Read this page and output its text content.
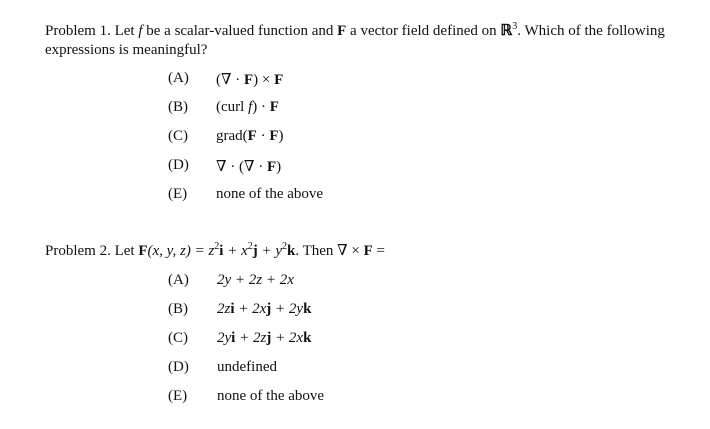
Problem 1. Let f be a scalar-valued function and F a vector field defined on ℝ$^3$. Which of the following expressions is meaningful?

(A) (∇ · F) × F
(B) (curl f) · F
(C) grad(F · F)
(D) ∇ · (∇ · F)
(E) none of the above

Problem 2. Let F(x, y, $z) = z^2i + x^2j + y^2k$. Then ∇ × F =

(A) 2y + 2z + 2x
(B) 2zi + 2xj + 2yk
(C) 2yi + 2zj + 2xk
(D) undefined
(E) none of the above
